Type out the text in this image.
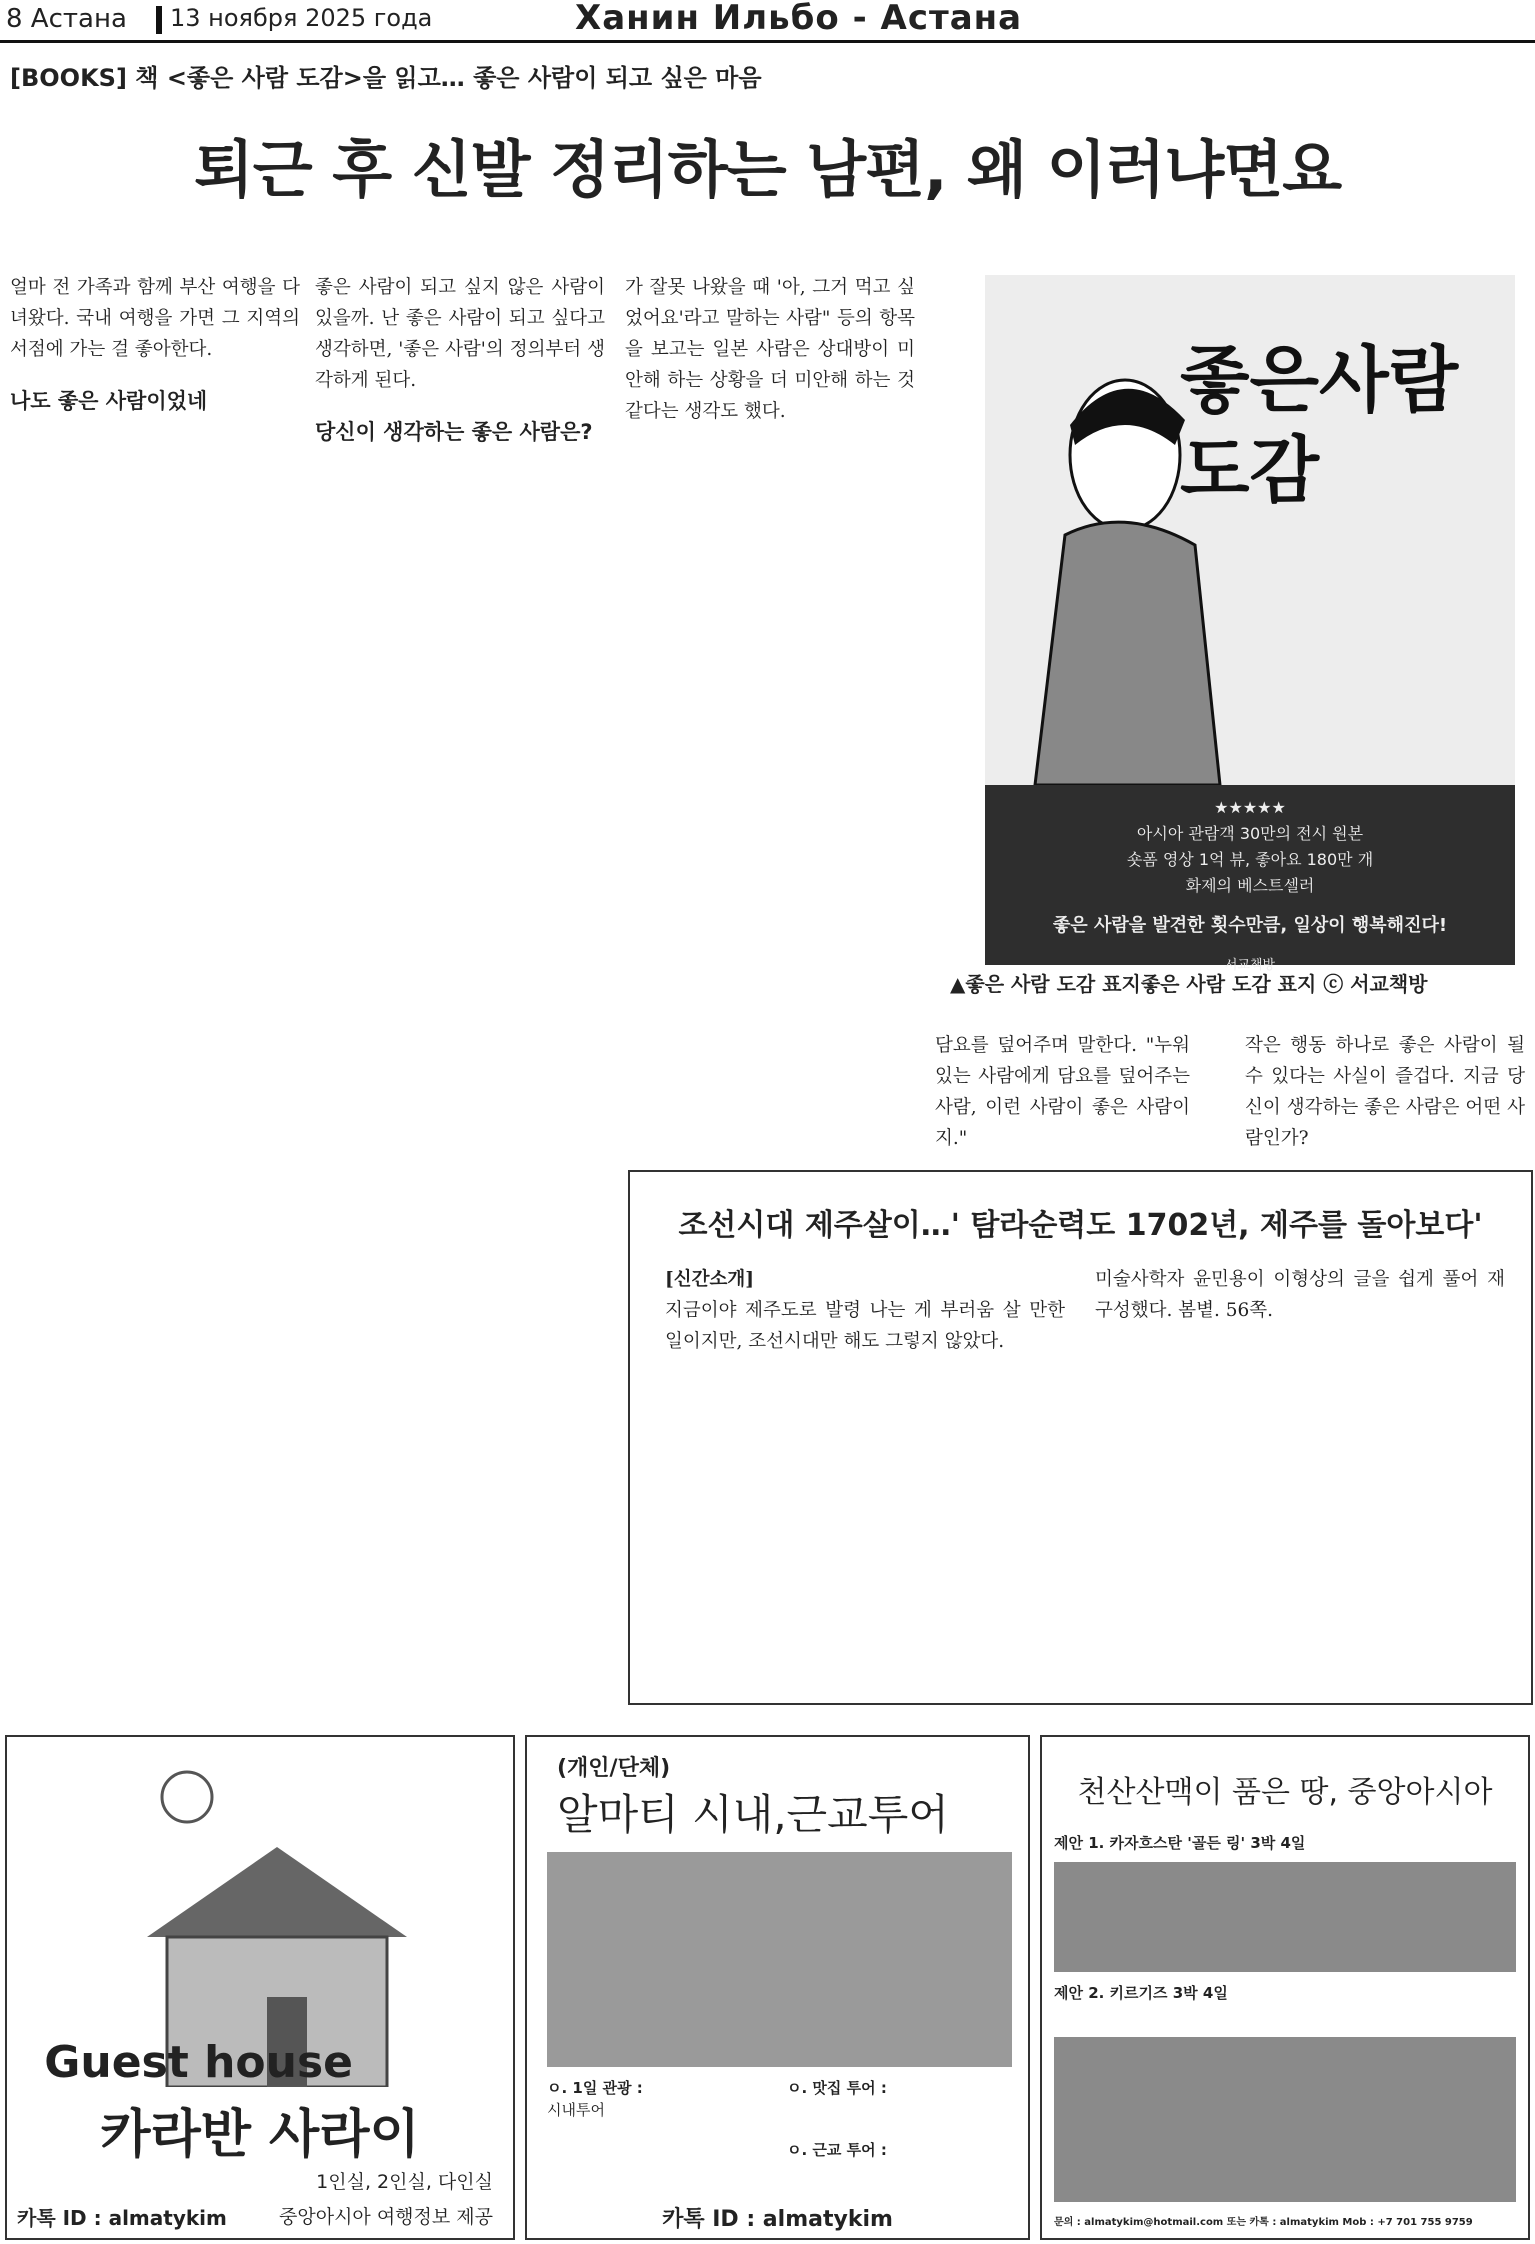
8 Астана 13 ноября 2025 года	Ханин Ильбо - Астана
[BOOKS] 책 <좋은 사람 도감>을 읽고… 좋은 사람이 되고 싶은 마음
퇴근 후 신발 정리하는 남편, 왜 이러냐면요

얼마 전 가족과 함께 부산 여행을 다녀왔다. 국내 여행을 가면 그 지역의 서점에 가는 걸 좋아한다.

나도 좋은 사람이었네

좋은 사람이 되고 싶지 않은 사람이 있을까. 난 좋은 사람이 되고 싶다고 생각하면, '좋은 사람'의 정의부터 생각하게 된다.

당신이 생각하는 좋은 사람은?

가 잘못 나왔을 때 '아, 그거 먹고 싶었어요'라고 말하는 사람" 등의 항목을 보고는 일본 사람은 상대방이 미안해 하는 상황을 더 미안해 하는 것 같다는 생각도 했다.	좋은사람도감
★★★★★
아시아 관람객 30만의 전시 원본
숏폼 영상 1억 뷰, 좋아요 180만 개
화제의 베스트셀러
좋은 사람을 발견한 횟수만큼, 일상이 행복해진다!
서교책방
▲좋은 사람 도감 표지좋은 사람 도감 표지 ⓒ 서교책방
담요를 덮어주며 말한다. "누워있는 사람에게 담요를 덮어주는 사람, 이런 사람이 좋은 사람이지."
작은 행동 하나로 좋은 사람이 될 수 있다는 사실이 즐겁다. 지금 당신이 생각하는 좋은 사람은 어떤 사람인가?
조선시대 제주살이…' 탐라순력도 1702년, 제주를 돌아보다'

[신간소개]

지금이야 제주도로 발령 나는 게 부러움 살 만한 일이지만, 조선시대만 해도 그렇지 않았다.

미술사학자 윤민용이 이형상의 글을 쉽게 풀어 재구성했다. 봄볕. 56쪽.

Guest house
카라반 사라이
1인실, 2인실, 다인실
카톡 ID : almatykim	중앙아시아 여행정보 제공
(개인/단체)
알마티 시내,근교투어
ㅇ. 1일 관광 :
시내투어
ㅇ. 맛집 투어 :
ㅇ. 근교 투어 :
카톡 ID : almatykim
천산산맥이 품은 땅, 중앙아시아
제안 1. 카자흐스탄 '골든 링' 3박 4일
제안 2. 키르기즈 3박 4일
문의 : almatykim@hotmail.com 또는 카톡 : almatykim Mob : +7 701 755 9759
